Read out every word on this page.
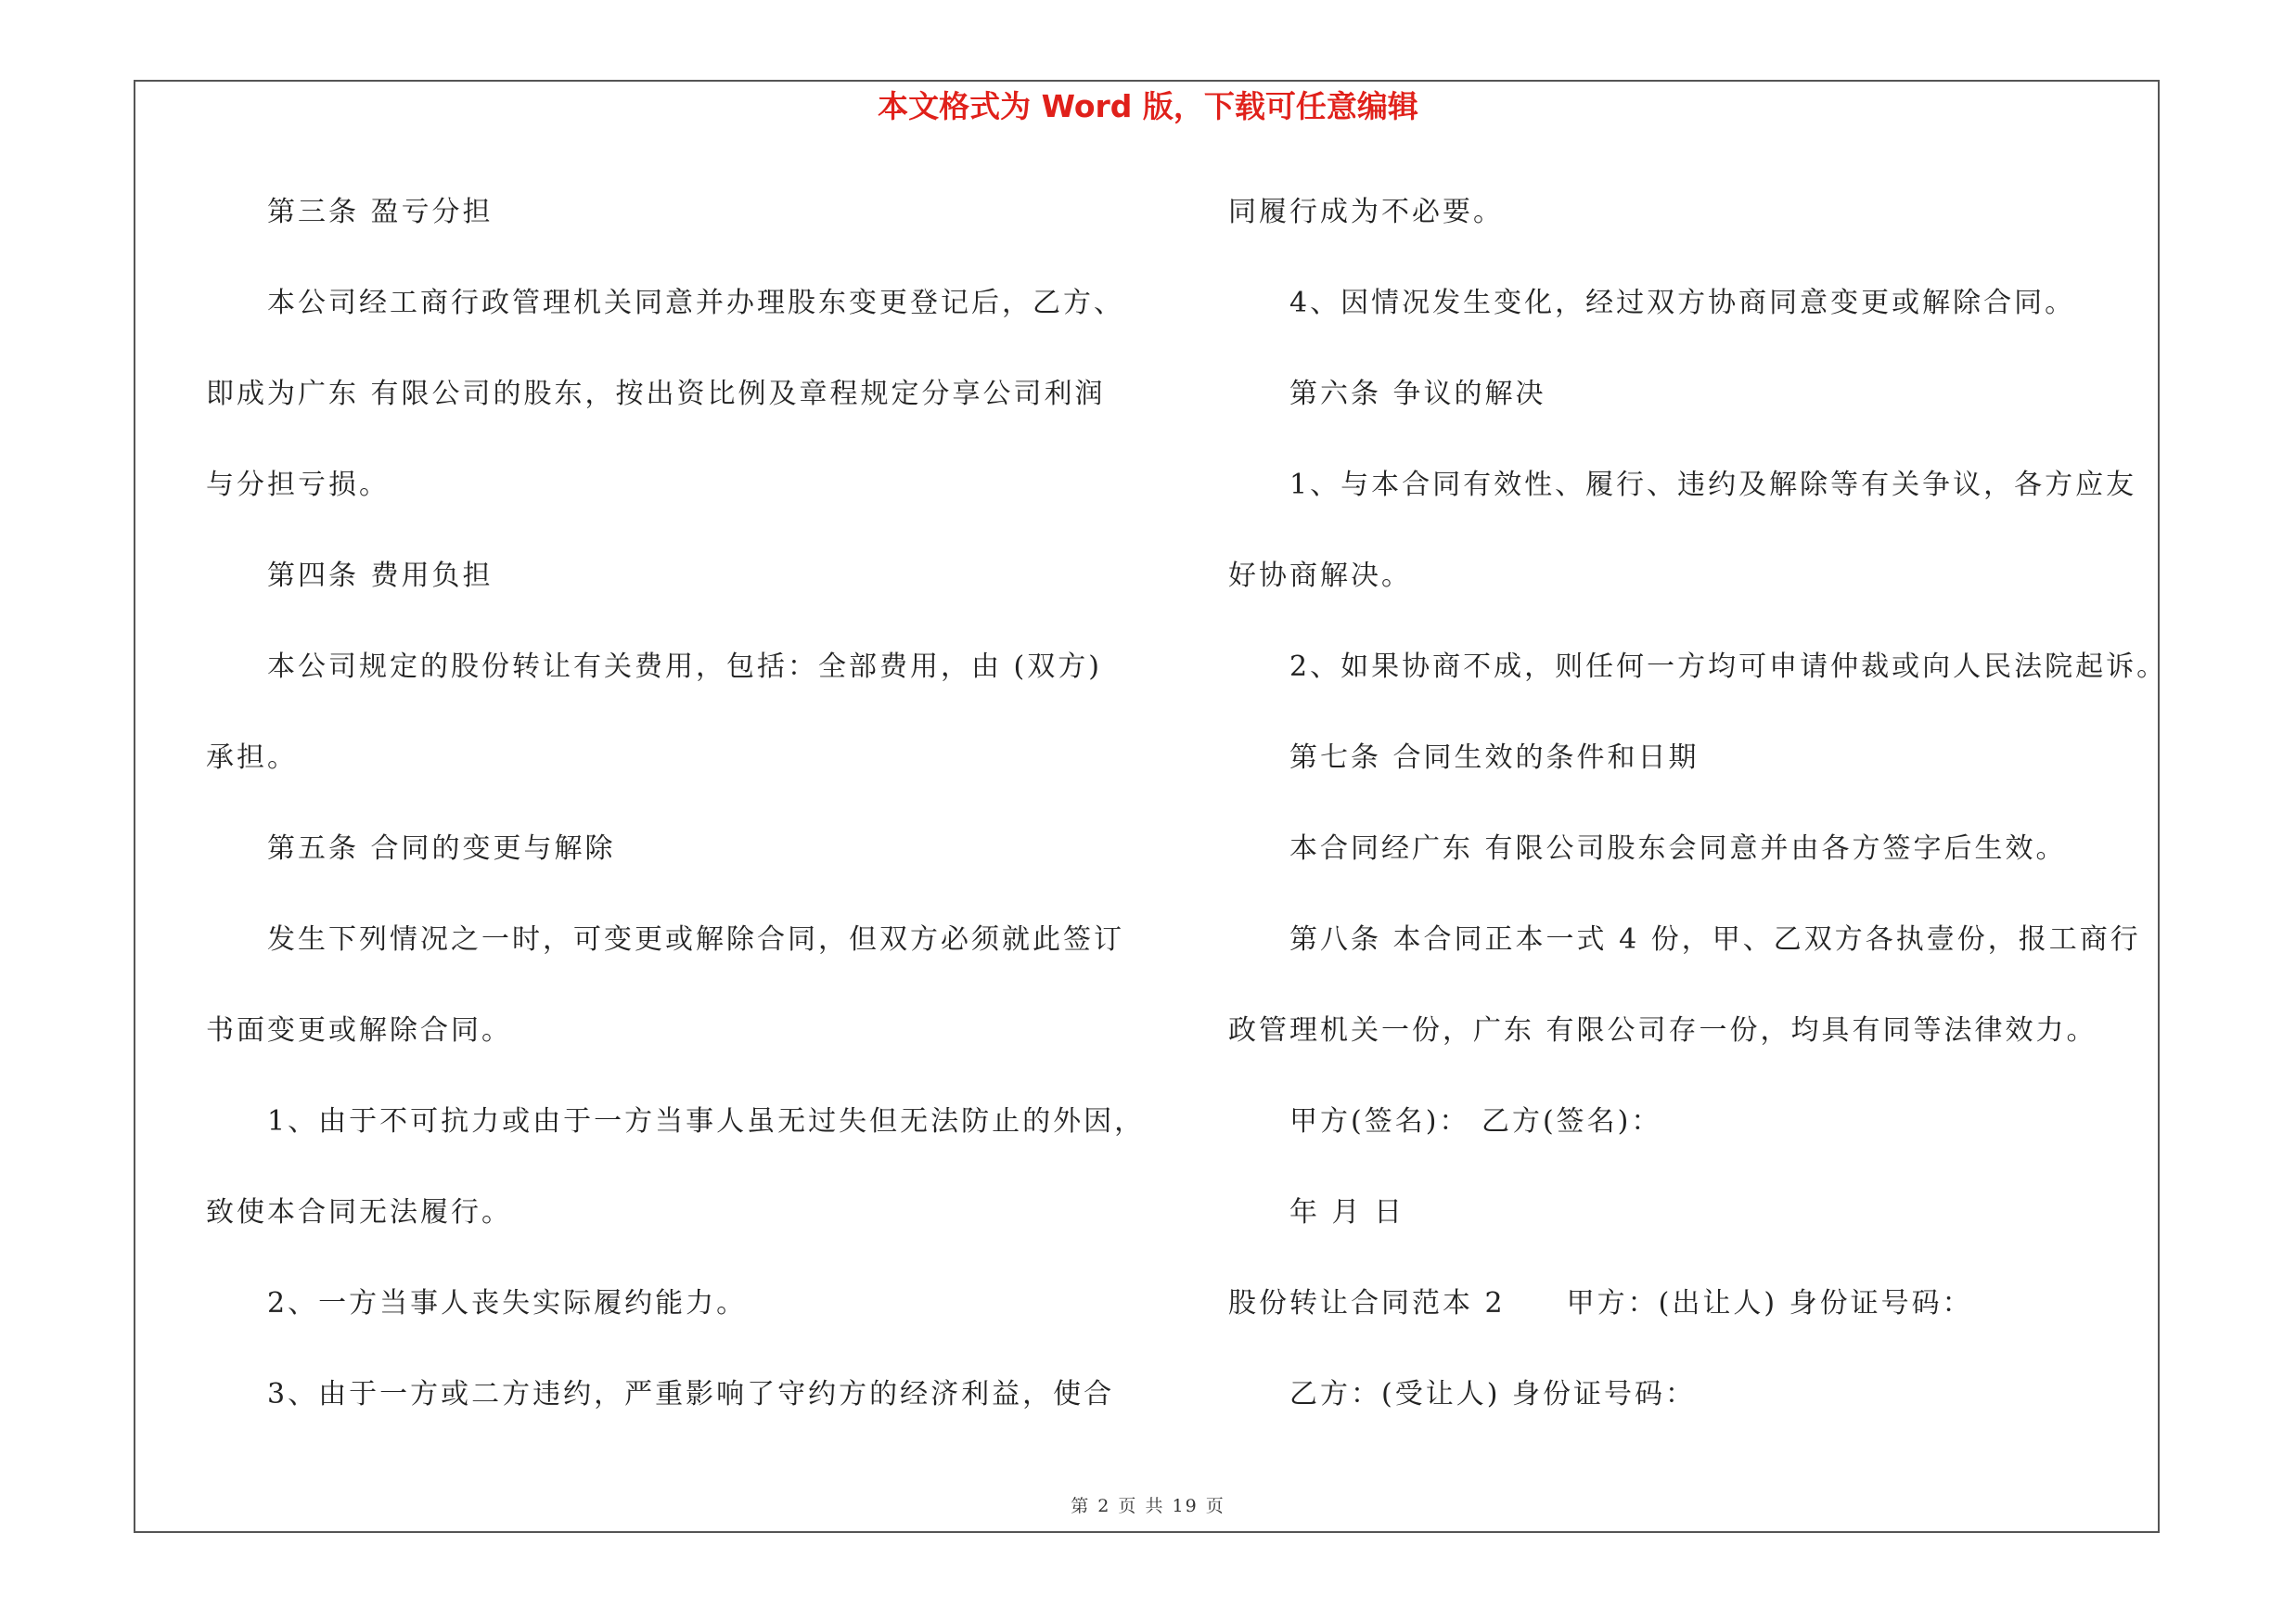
本文格式为 Word 版，下载可任意编辑
第三条 盈亏分担
本公司经工商行政管理机关同意并办理股东变更登记后，乙方、
即成为广东 有限公司的股东，按出资比例及章程规定分享公司利润
与分担亏损。
第四条 费用负担
本公司规定的股份转让有关费用，包括：全部费用，由 (双方)
承担。
第五条 合同的变更与解除
发生下列情况之一时，可变更或解除合同，但双方必须就此签订
书面变更或解除合同。
1、由于不可抗力或由于一方当事人虽无过失但无法防止的外因，
致使本合同无法履行。
2、一方当事人丧失实际履约能力。
3、由于一方或二方违约，严重影响了守约方的经济利益，使合
同履行成为不必要。
4、因情况发生变化，经过双方协商同意变更或解除合同。
第六条 争议的解决
1、与本合同有效性、履行、违约及解除等有关争议，各方应友
好协商解决。
2、如果协商不成，则任何一方均可申请仲裁或向人民法院起诉。
第七条 合同生效的条件和日期
本合同经广东 有限公司股东会同意并由各方签字后生效。
第八条 本合同正本一式 4 份，甲、乙双方各执壹份，报工商行
政管理机关一份，广东 有限公司存一份，均具有同等法律效力。
甲方(签名)： 乙方(签名)：
年 月 日
股份转让合同范本 2　　甲方：(出让人) 身份证号码：
乙方：(受让人) 身份证号码：
第 2 页 共 19 页
